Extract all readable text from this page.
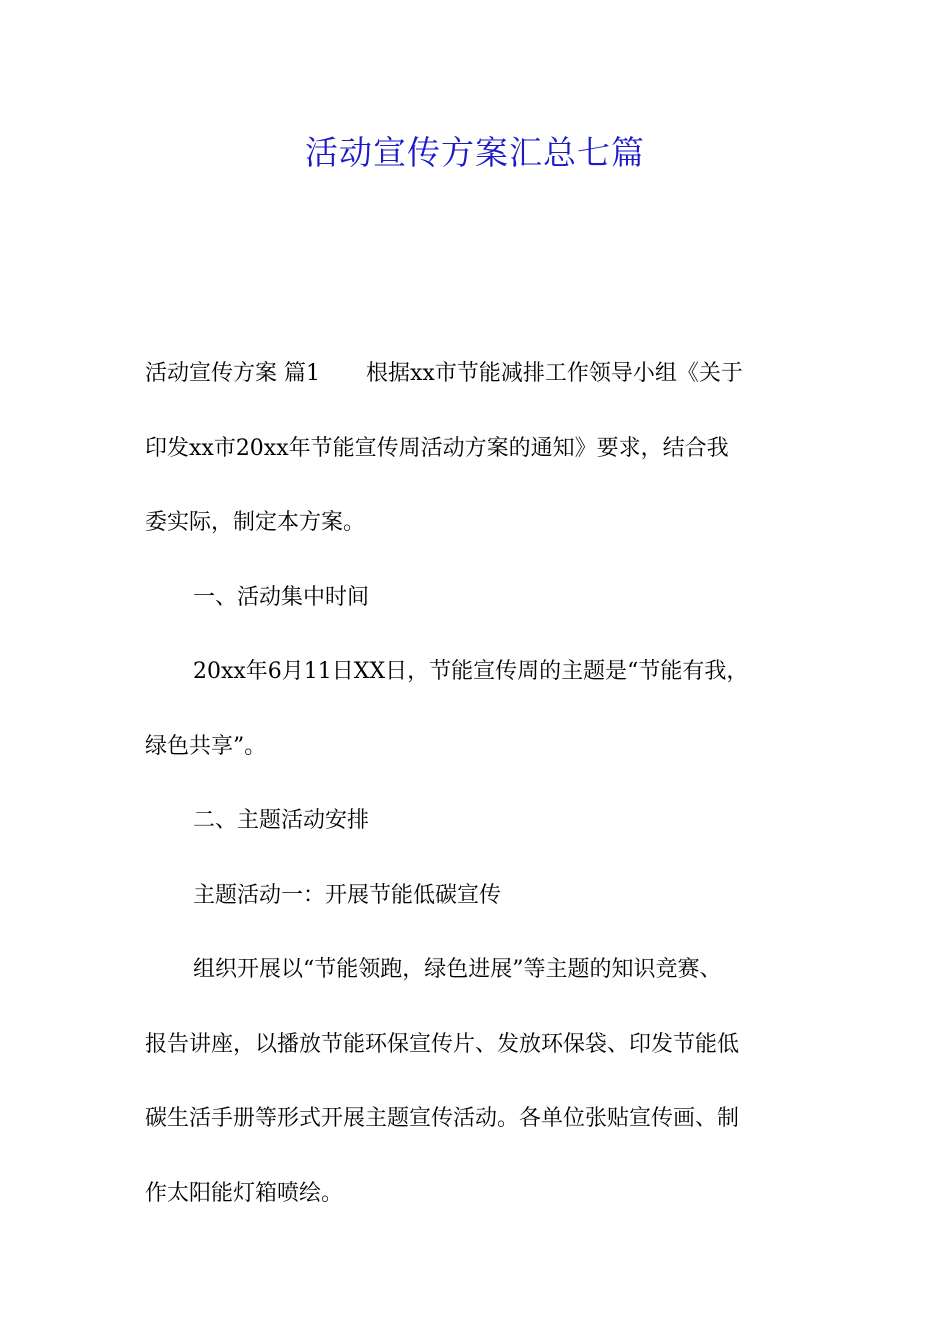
活动宣传方案汇总七篇
活动宣传方案 篇1 根据xx市节能减排工作领导小组《关于
印发xx市20xx年节能宣传周活动方案的通知》要求，结合我
委实际，制定本方案。
一、活动集中时间
20xx年6月11日XX日，节能宣传周的主题是“节能有我，
绿色共享”。
二、主题活动安排
主题活动一：开展节能低碳宣传
组织开展以“节能领跑，绿色进展”等主题的知识竞赛、
报告讲座，以播放节能环保宣传片、发放环保袋、印发节能低
碳生活手册等形式开展主题宣传活动。各单位张贴宣传画、制
作太阳能灯箱喷绘。
